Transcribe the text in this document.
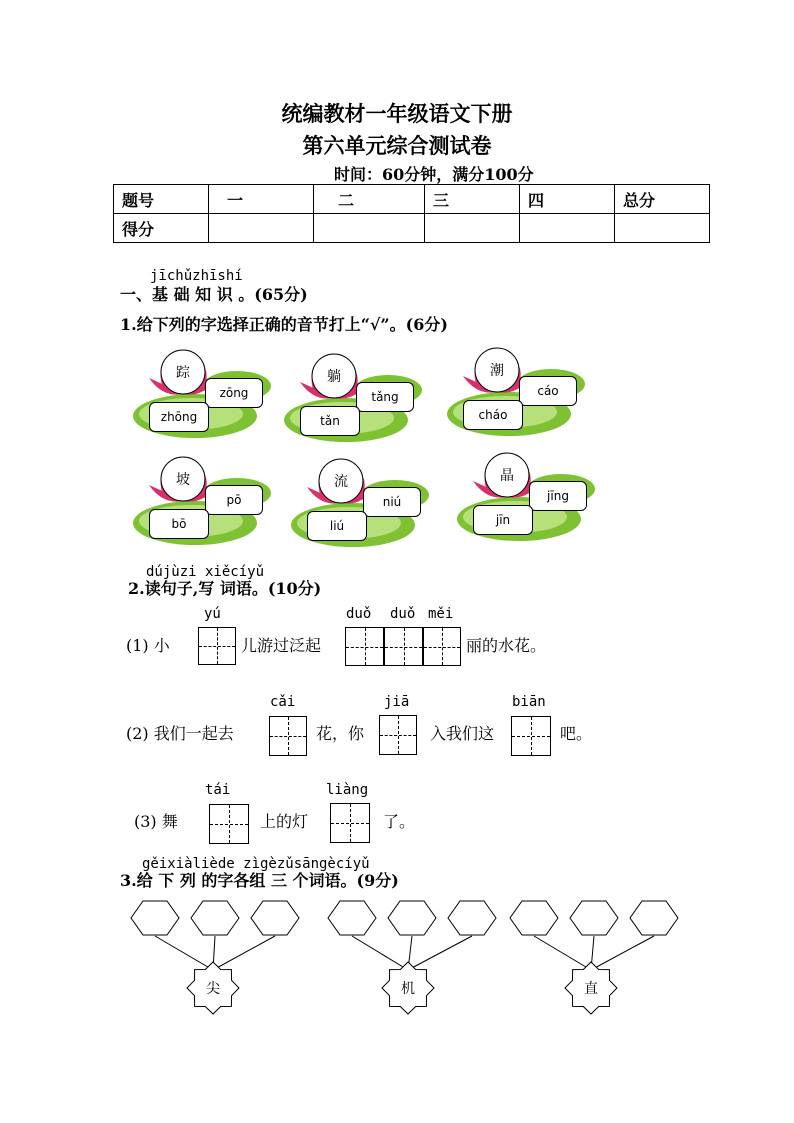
统编教材一年级语文下册
第六单元综合测试卷
时间：60分钟，满分100分
题号	一	二	三	四	总分
得分					
jīchǔzhīshí
一、基 础 知 识 。(65分)
1.给下列的字选择正确的音节打上“√”。(6分)
踪
zōng
zhōng
躺
tǎng
tǎn
潮
cáo
cháo
坡
pō
bō
流
niú
liú
晶
jīng
jīn
dújùzi xiěcíyǔ
2.读句子,写 词语。(10分)
(1) 小
yú
儿游过泛起
duǒ duǒ měi
丽的水花。
(2) 我们一起去
cǎi
花，你
jiā
入我们这
biān
吧。
(3) 舞
tái
上的灯
liàng
了。
gěixiàliède zìgèzǔsāngècíyǔ
3.给 下 列 的字各组 三 个词语。(9分)
尖	机	直
